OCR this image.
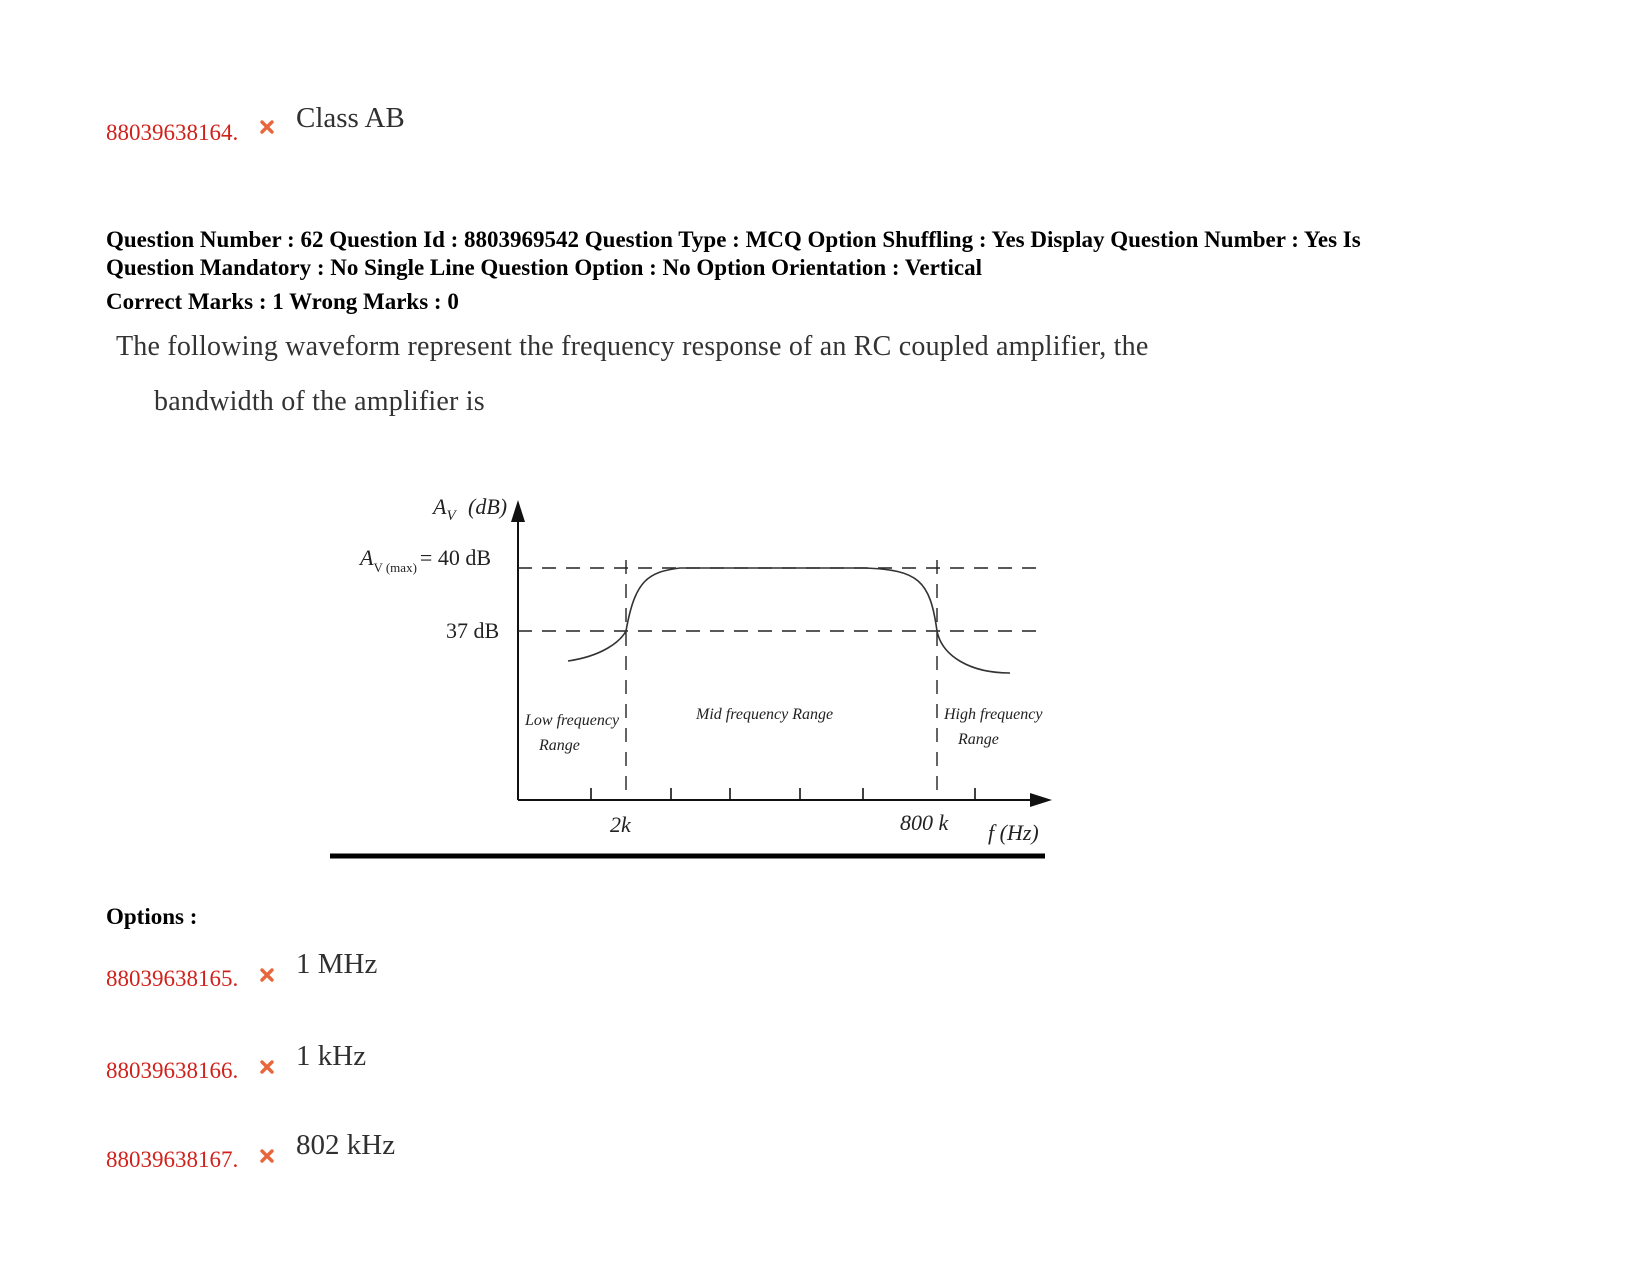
88039638164. Class AB
Question Number : 62 Question Id : 8803969542 Question Type : MCQ Option Shuffling : Yes Display Question Number : Yes Is
Question Mandatory : No Single Line Question Option : No Option Orientation : Vertical
Correct Marks : 1 Wrong Marks : 0
The following waveform represent the frequency response of an RC coupled amplifier, the
bandwidth of the amplifier is
$A_V$ (dB)
$A_{V (max)} = 40$ dB
37 dB
Low frequency
Range
Mid frequency Range	High frequency
Range
2k	800 k f (Hz)
Options :
88039638165. 1 MHz
88039638166. 1 kHz
88039638167. 802 kHz
